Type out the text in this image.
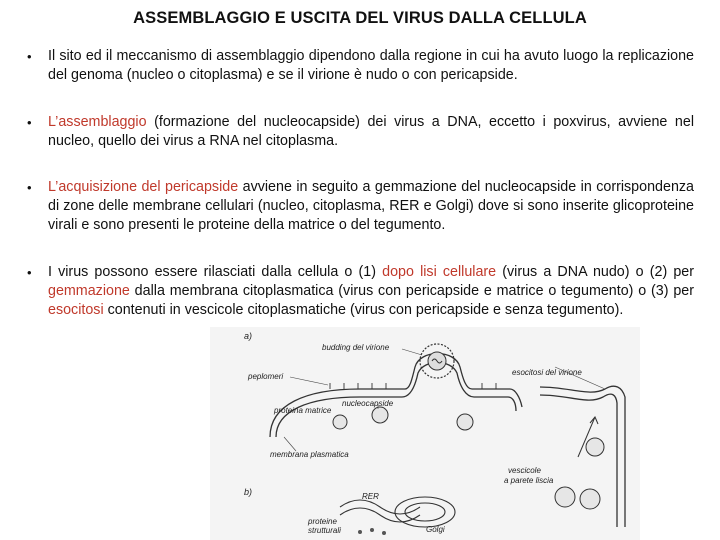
ASSEMBLAGGIO E USCITA DEL VIRUS DALLA CELLULA
• Il sito ed il meccanismo di assemblaggio dipendono dalla regione in cui ha avuto luogo la replicazione del genoma (nucleo o citoplasma) e se il virione è nudo o con pericapside.
• L’assemblaggio (formazione del nucleocapside) dei virus a DNA, eccetto i poxvirus, avviene nel nucleo, quello dei virus a RNA nel citoplasma.
• L’acquisizione del pericapside avviene in seguito a gemmazione del nucleocapside in corrispondenza di zone delle membrane cellulari (nucleo, citoplasma, RER e Golgi) dove si sono inserite glicoproteine virali e sono presenti le proteine della matrice o del tegumento.
• I virus possono essere rilasciati dalla cellula o (1) dopo lisi cellulare (virus a DNA nudo) o (2) per gemmazione dalla membrana citoplasmatica (virus con pericapside e matrice o tegumento) o (3) per esocitosi contenuti in vescicole citoplasmatiche (virus con pericapside e senza tegumento).
a)
b)
budding del virione
peplomeri
nucleocapside
proteina matrice
membrana plasmatica
esocitosi del virione
vescicole
a parete liscia
RER
Golgi
proteine
strutturali
